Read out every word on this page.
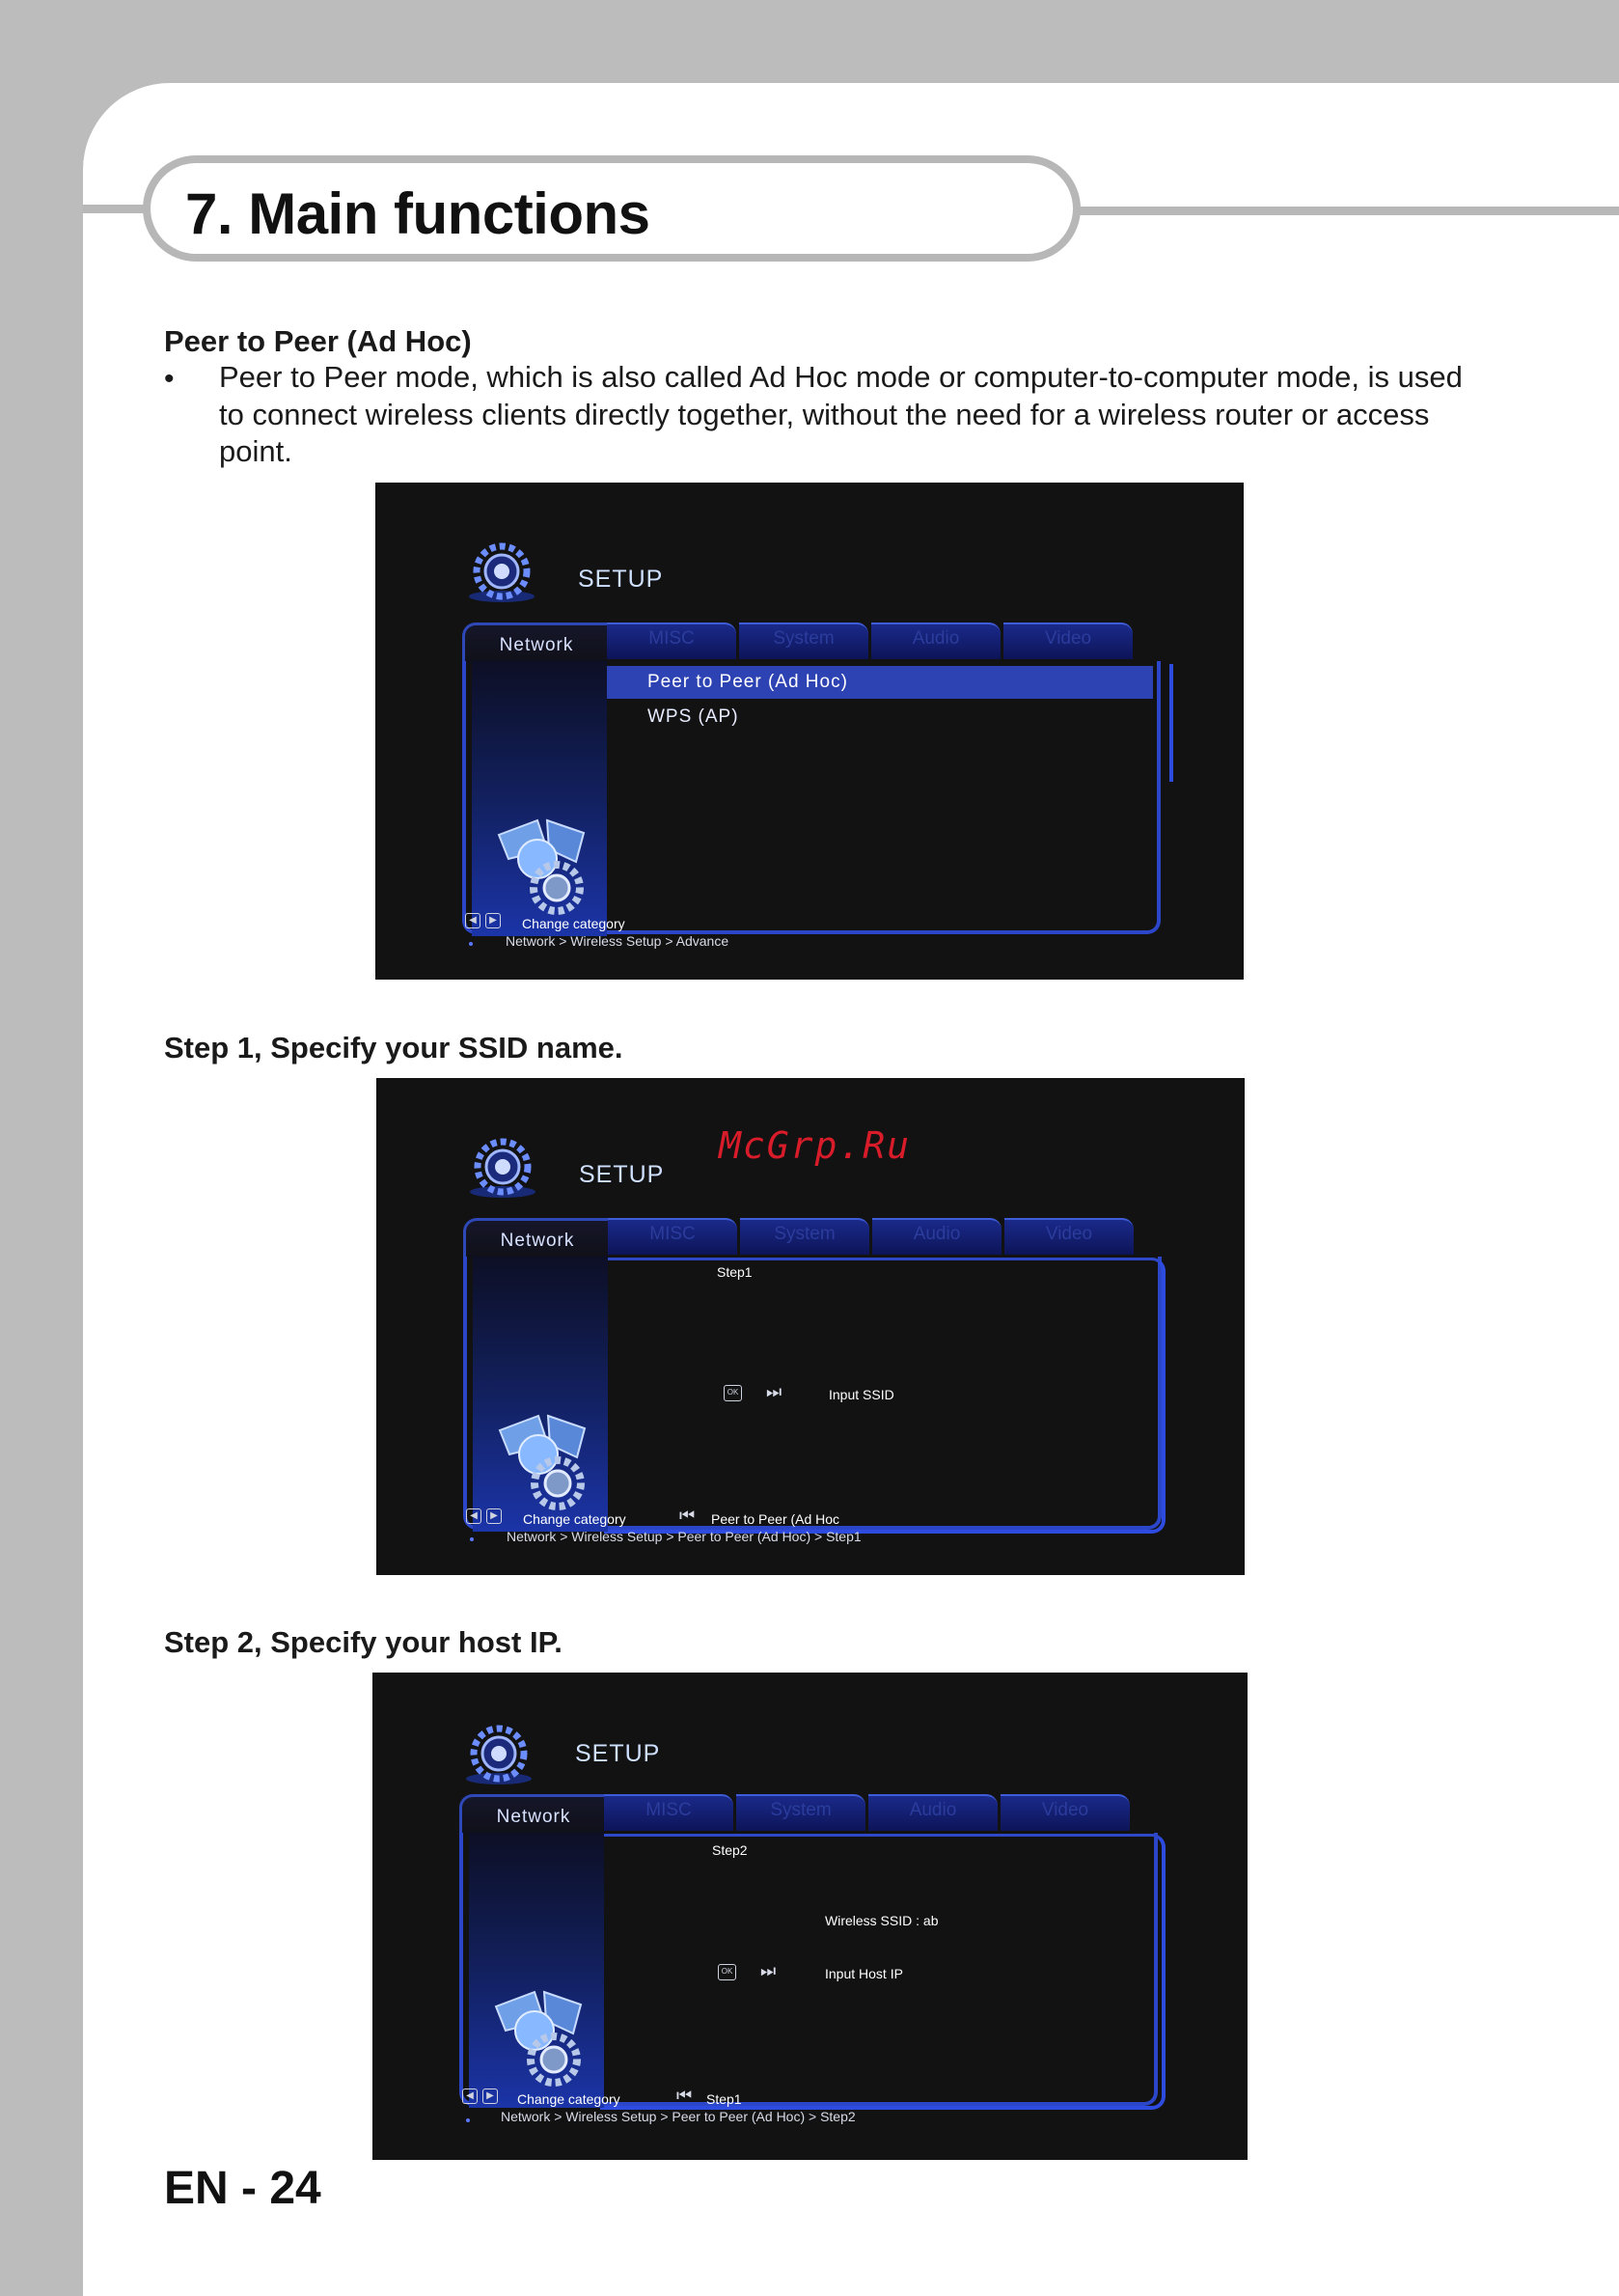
7. Main functions
Peer to Peer (Ad Hoc)
• Peer to Peer mode, which is also called Ad Hoc mode or computer-to-computer mode, is used to connect wireless clients directly together, without the need for a wireless router or access point.
SETUP
Network	MISC	System	Audio	Video
Peer to Peer (Ad Hoc)
WPS (AP)
◀	▶ Change category
Network > Wireless Setup > Advance
Step 1, Specify your SSID name.
SETUP
Network	MISC	System	Audio	Video
McGrp.Ru
Step1
OK ⏭	Input SSID
◀	▶ Change category	⏮ Peer to Peer (Ad Hoc
Network > Wireless Setup > Peer to Peer (Ad Hoc) > Step1
Step 2, Specify your host IP.
SETUP
Network	MISC	System	Audio	Video
Step2
Wireless SSID : ab
OK ⏭	Input Host IP
◀	▶ Change category	⏮ Step1
Network > Wireless Setup > Peer to Peer (Ad Hoc) > Step2
EN - 24
